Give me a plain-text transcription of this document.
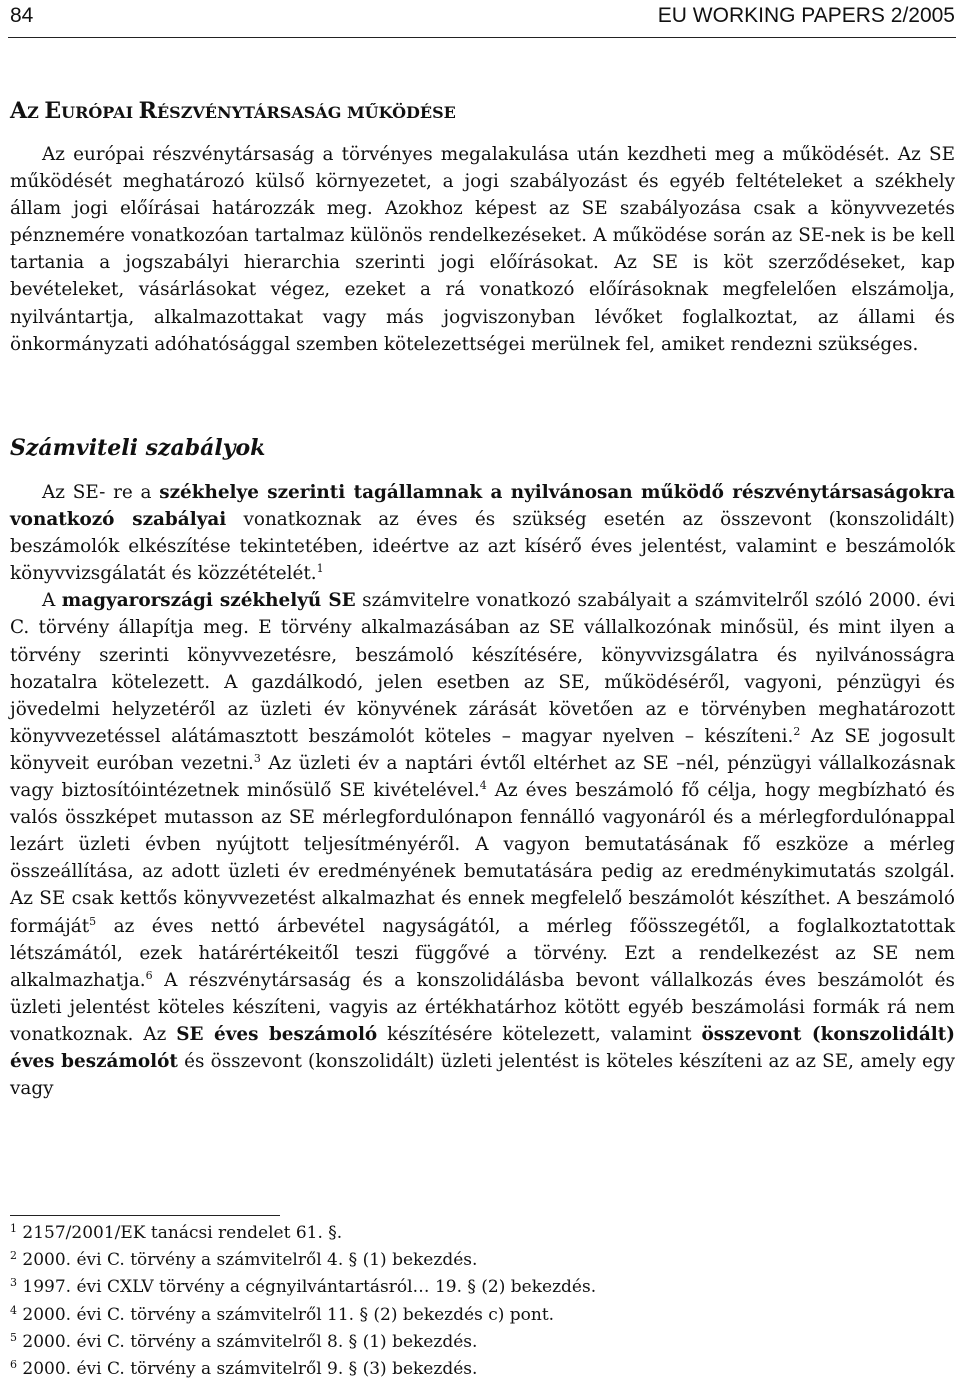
84	EU WORKING PAPERS 2/2005
AZ EURÓPAI RÉSZVÉNYTÁRSASÁG MŰKÖDÉSE

Az európai részvénytársaság a törvényes megalakulása után kezdheti meg a működését. Az SE működését meghatározó külső környezetet, a jogi szabályozást és egyéb feltételeket a székhely állam jogi előírásai határozzák meg. Azokhoz képest az SE szabályozása csak a könyvvezetés pénznemére vonatkozóan tartalmaz különös rendelkezéseket. A működése során az SE-nek is be kell tartania a jogszabályi hierarchia szerinti jogi előírásokat. Az SE is köt szerződéseket, kap bevételeket, vásárlásokat végez, ezeket a rá vonatkozó előírásoknak megfelelően elszámolja, nyilvántartja, alkalmazottakat vagy más jogviszonyban lévőket foglalkoztat, az állami és önkormányzati adóhatósággal szemben kötelezettségei merülnek fel, amiket rendezni szükséges.

Számviteli szabályok

Az SE- re a székhelye szerinti tagállamnak a nyilvánosan működő részvénytársaságokra vonatkozó szabályai vonatkoznak az éves és szükség esetén az összevont (konszolidált) beszámolók elkészítése tekintetében, ideértve az azt kísérő éves jelentést, valamint e beszámolók könyvvizsgálatát és közzétételét.$^1$

A magyarországi székhelyű SE számvitelre vonatkozó szabályait a számvitelről szóló 2000. évi C. törvény állapítja meg. E törvény alkalmazásában az SE vállalkozónak minősül, és mint ilyen a törvény szerinti könyvvezetésre, beszámoló készítésére, könyvvizsgálatra és nyilvánosságra hozatalra kötelezett. A gazdálkodó, jelen esetben az SE, működéséről, vagyoni, pénzügyi és jövedelmi helyzetéről az üzleti év könyvének zárását követően az e törvényben meghatározott könyvvezetéssel alátámasztott beszámolót köteles – magyar nyelven – készíteni.$^2$ Az SE jogosult könyveit euróban vezetni.$^3$ Az üzleti év a naptári évtől eltérhet az SE –nél, pénzügyi vállalkozásnak vagy biztosítóintézetnek minősülő SE kivételével.$^4$ Az éves beszámoló fő célja, hogy megbízható és valós összképet mutasson az SE mérlegfordulónapon fennálló vagyonáról és a mérlegfordulónappal lezárt üzleti évben nyújtott teljesítményéről. A vagyon bemutatásának fő eszköze a mérleg összeállítása, az adott üzleti év eredményének bemutatására pedig az eredménykimutatás szolgál. Az SE csak kettős könyvvezetést alkalmazhat és ennek megfelelő beszámolót készíthet. A beszámoló formáját$^5$ az éves nettó árbevétel nagyságától, a mérleg főösszegétől, a foglalkoztatottak létszámától, ezek határértékeitől teszi függővé a törvény. Ezt a rendelkezést az SE nem alkalmazhatja.$^6$ A részvénytársaság és a konszolidálásba bevont vállalkozás éves beszámolót és üzleti jelentést köteles készíteni, vagyis az értékhatárhoz kötött egyéb beszámolási formák rá nem vonatkoznak. Az SE éves beszámoló készítésére kötelezett, valamint összevont (konszolidált) éves beszámolót és összevont (konszolidált) üzleti jelentést is köteles készíteni az az SE, amely egy vagy

$^1$ 2157/2001/EK tanácsi rendelet 61. §.
$^2$ 2000. évi C. törvény a számvitelről 4. § (1) bekezdés.
$^3$ 1997. évi CXLV törvény a cégnyilvántartásról… 19. § (2) bekezdés.
$^4$ 2000. évi C. törvény a számvitelről 11. § (2) bekezdés c) pont.
$^5$ 2000. évi C. törvény a számvitelről 8. § (1) bekezdés.
$^6$ 2000. évi C. törvény a számvitelről 9. § (3) bekezdés.
